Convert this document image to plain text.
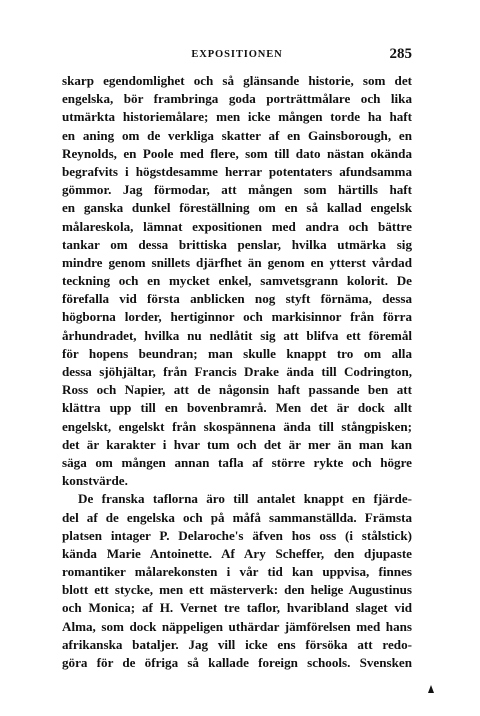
EXPOSITIONEN	285
skarp egendomlighet och så glänsande historie, som det
engelska, bör frambringa goda porträttmålare och lika
utmärkta historiemålare; men icke mången torde ha haft
en aning om de verkliga skatter af en Gainsborough, en
Reynolds, en Poole med flere, som till dato nästan okända
begrafvits i högstdesamme herrar potentaters afundsamma
gömmor. Jag förmodar, att mången som härtills haft
en ganska dunkel föreställning om en så kallad engelsk
målareskola, lämnat expositionen med andra och bättre
tankar om dessa brittiska penslar, hvilka utmärka sig
mindre genom snillets djärfhet än genom en ytterst vårdad
teckning och en mycket enkel, samvetsgrann kolorit. De
förefalla vid första anblicken nog styft förnäma, dessa
högborna lorder, hertiginnor och markisinnor från förra
århundradet, hvilka nu nedlåtit sig att blifva ett föremål
för hopens beundran; man skulle knappt tro om alla
dessa sjöhjältar, från Francis Drake ända till Codrington,
Ross och Napier, att de någonsin haft passande ben att
klättra upp till en bovenbramrå. Men det är dock allt
engelskt, engelskt från skospännena ända till stångpisken;
det är karakter i hvar tum och det är mer än man kan
säga om mången annan tafla af större rykte och högre
konstvärde.
De franska taflorna äro till antalet knappt en fjärde-
del af de engelska och på måfå sammanställda. Främsta
platsen intager P. Delaroche's äfven hos oss (i stålstick)
kända Marie Antoinette. Af Ary Scheffer, den djupaste
romantiker målarekonsten i vår tid kan uppvisa, finnes
blott ett stycke, men ett mästerverk: den helige Augustinus
och Monica; af H. Vernet tre taflor, hvaribland slaget vid
Alma, som dock näppeligen uthärdar jämförelsen med hans
afrikanska bataljer. Jag vill icke ens försöka att redo-
göra för de öfriga så kallade foreign schools. Svensken
